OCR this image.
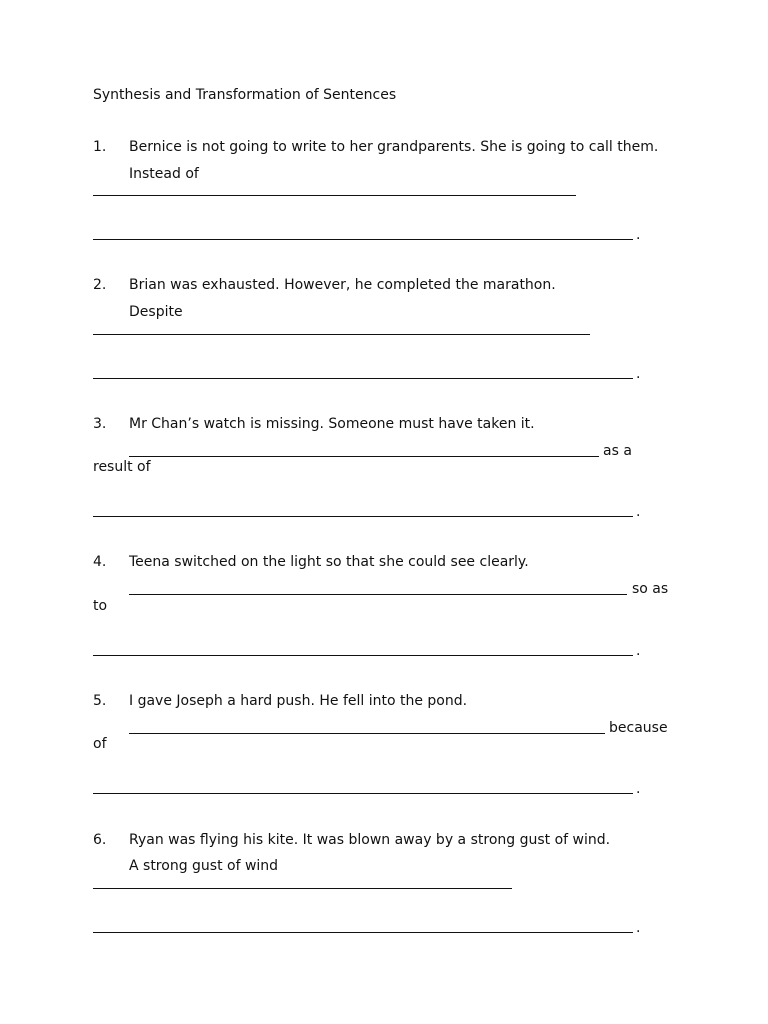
Synthesis and Transformation of Sentences
1. Bernice is not going to write to her grandparents. She is going to call them.
Instead of
.
2. Brian was exhausted. However, he completed the marathon.
Despite
.
3. Mr Chan’s watch is missing. Someone must have taken it.
as a
result of
.
4. Teena switched on the light so that she could see clearly.
so as
to
.
5. I gave Joseph a hard push. He fell into the pond.
because
of
.
6. Ryan was flying his kite. It was blown away by a strong gust of wind.
A strong gust of wind
.
